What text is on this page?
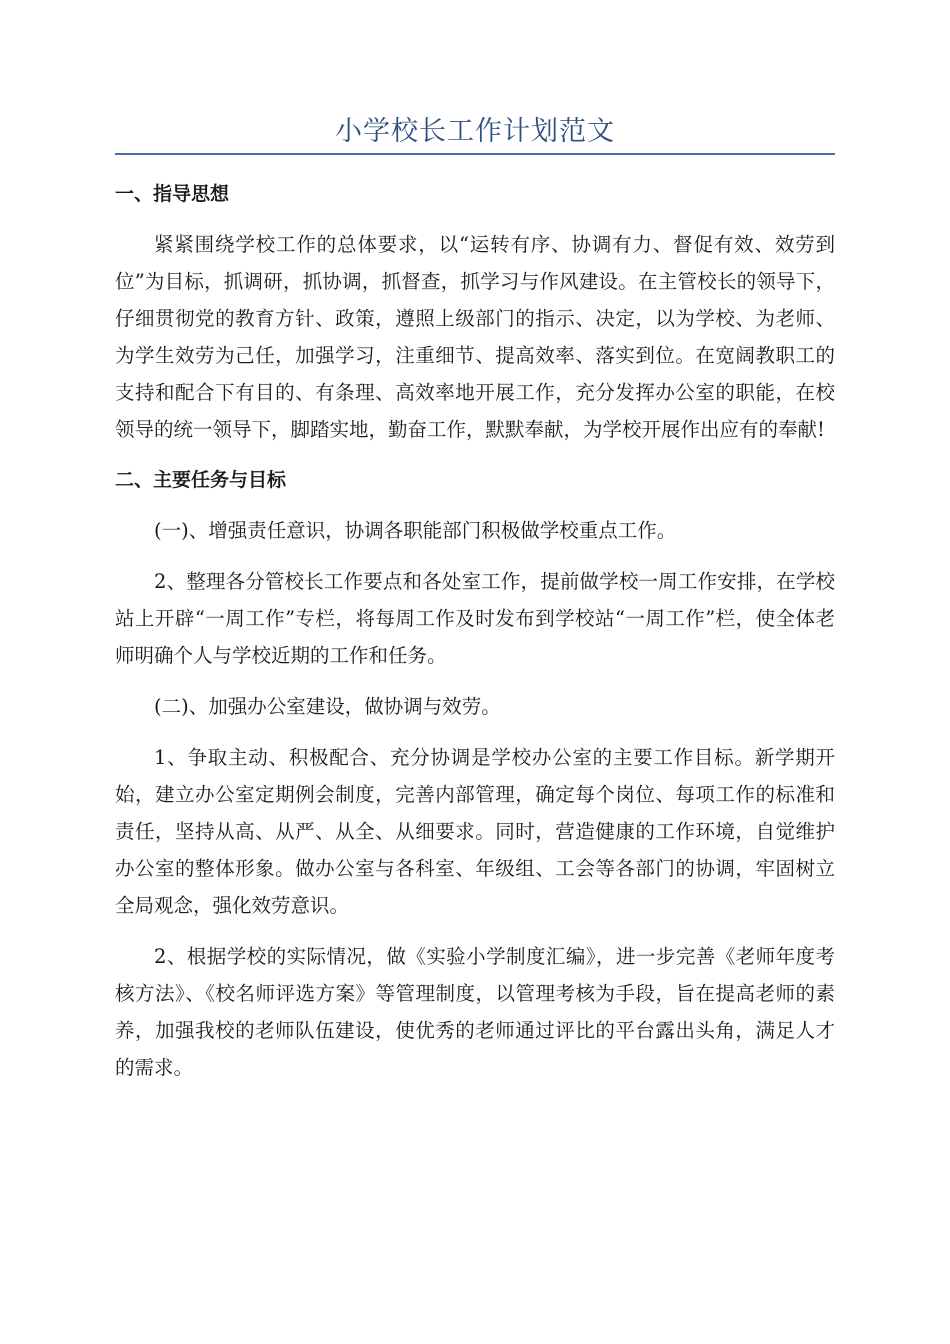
小学校长工作计划范文

一、指导思想

紧紧围绕学校工作的总体要求，以“运转有序、协调有力、督促有效、效劳到位”为目标，抓调研，抓协调，抓督查，抓学习与作风建设。在主管校长的领导下，仔细贯彻党的教育方针、政策，遵照上级部门的指示、决定，以为学校、为老师、为学生效劳为己任，加强学习，注重细节、提高效率、落实到位。在宽阔教职工的支持和配合下有目的、有条理、高效率地开展工作，充分发挥办公室的职能，在校领导的统一领导下，脚踏实地，勤奋工作，默默奉献，为学校开展作出应有的奉献!

二、主要任务与目标

(一)、增强责任意识，协调各职能部门积极做学校重点工作。

2、整理各分管校长工作要点和各处室工作，提前做学校一周工作安排，在学校站上开辟“一周工作”专栏，将每周工作及时发布到学校站“一周工作”栏，使全体老师明确个人与学校近期的工作和任务。

(二)、加强办公室建设，做协调与效劳。

1、争取主动、积极配合、充分协调是学校办公室的主要工作目标。新学期开始，建立办公室定期例会制度，完善内部管理，确定每个岗位、每项工作的标准和责任，坚持从高、从严、从全、从细要求。同时，营造健康的工作环境，自觉维护办公室的整体形象。做办公室与各科室、年级组、工会等各部门的协调，牢固树立全局观念，强化效劳意识。

2、根据学校的实际情况，做《实验小学制度汇编》，进一步完善《老师年度考核方法》、《校名师评选方案》等管理制度，以管理考核为手段，旨在提高老师的素养，加强我校的老师队伍建设，使优秀的老师通过评比的平台露出头角，满足人才的需求。
